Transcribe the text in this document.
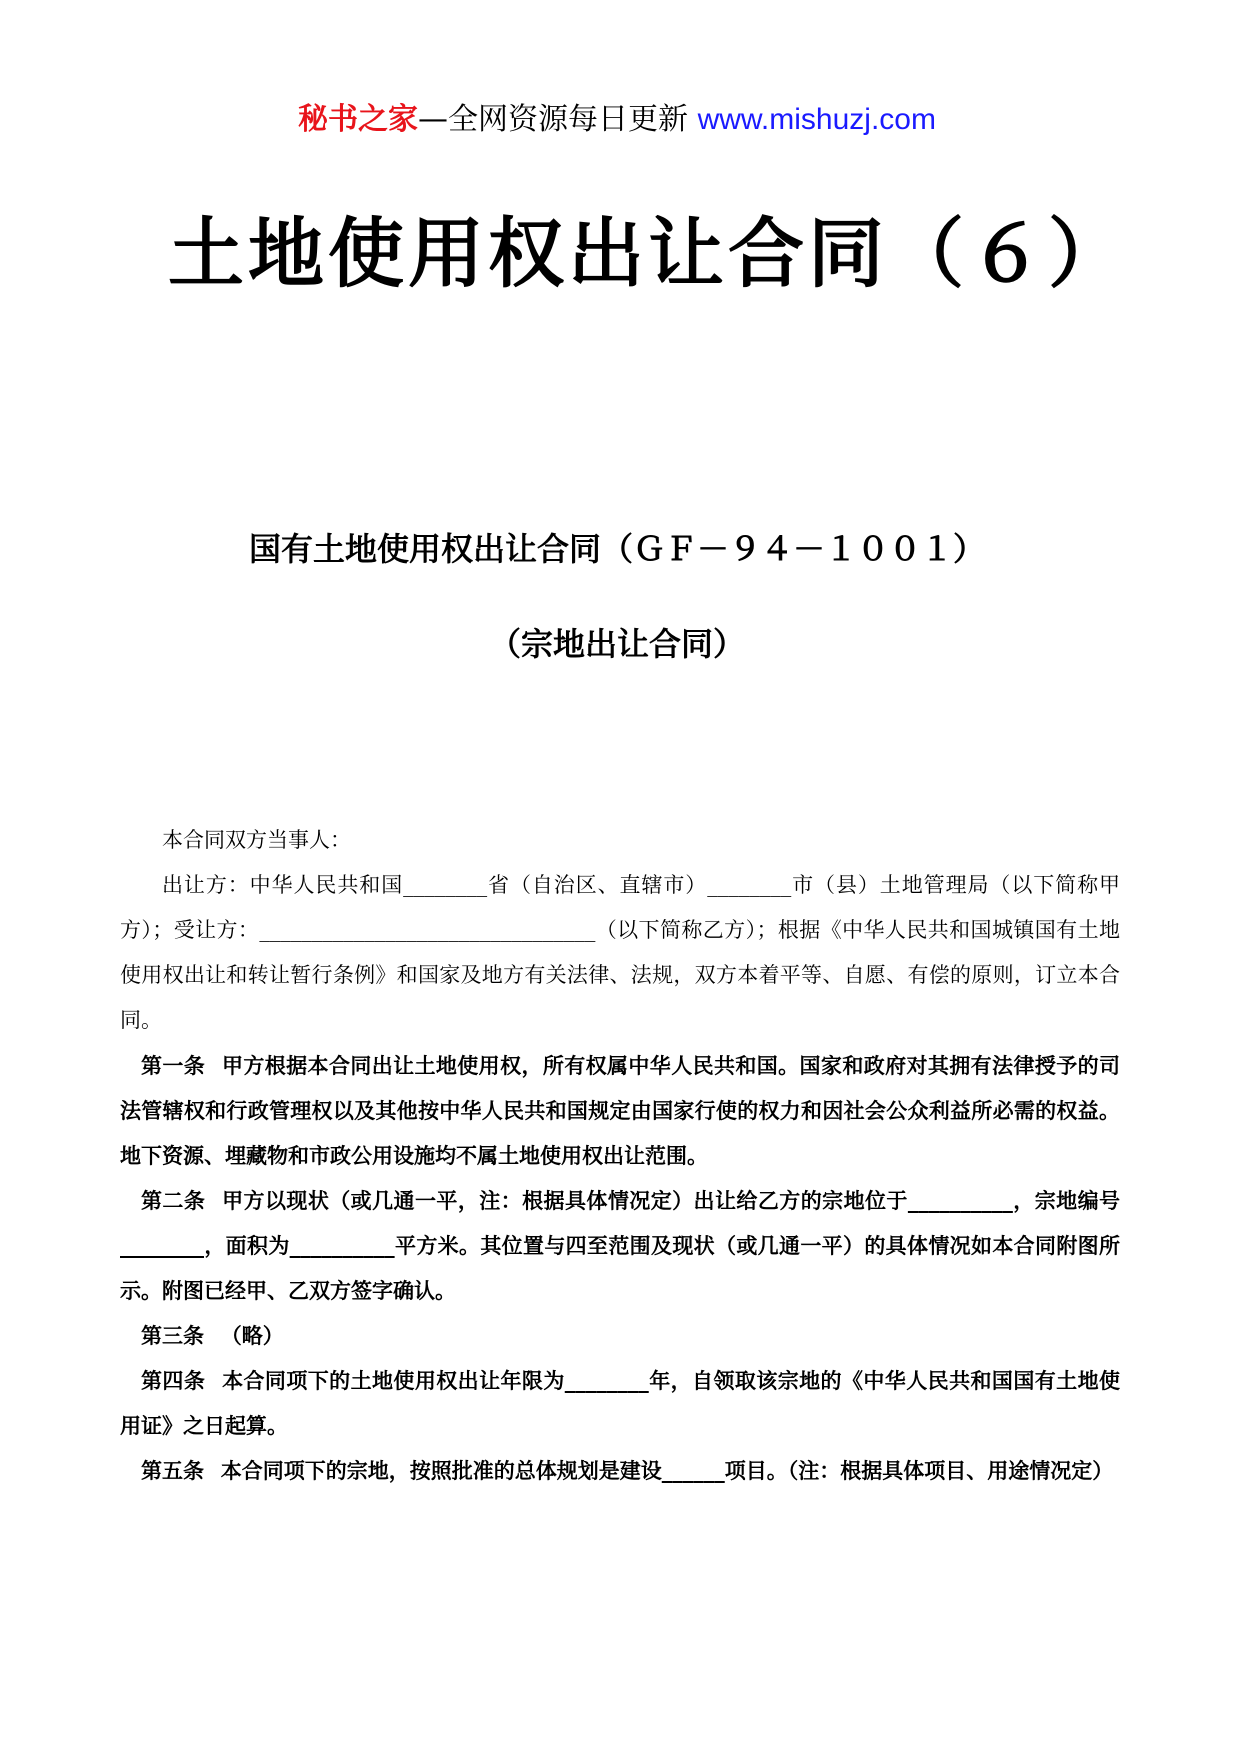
秘书之家—全网资源每日更新 www.mishuzj.com
土地使用权出让合同（６）
国有土地使用权出让合同（ＧＦ－９４－１００１）
（宗地出让合同）

本合同双方当事人：

出让方：中华人民共和国________省（自治区、直辖市）________市（县）土地管理局（以下简称甲方）；受让方：________________________________（以下简称乙方）；根据《中华人民共和国城镇国有土地使用权出让和转让暂行条例》和国家及地方有关法律、法规，双方本着平等、自愿、有偿的原则，订立本合同。

第一条 甲方根据本合同出让土地使用权，所有权属中华人民共和国。国家和政府对其拥有法律授予的司法管辖权和行政管理权以及其他按中华人民共和国规定由国家行使的权力和因社会公众利益所必需的权益。地下资源、埋藏物和市政公用设施均不属土地使用权出让范围。

第二条 甲方以现状（或几通一平，注：根据具体情况定）出让给乙方的宗地位于__________，宗地编号________，面积为__________平方米。其位置与四至范围及现状（或几通一平）的具体情况如本合同附图所示。附图已经甲、乙双方签字确认。

第三条 （略）

第四条 本合同项下的土地使用权出让年限为________年，自领取该宗地的《中华人民共和国国有土地使用证》之日起算。

第五条 本合同项下的宗地，按照批准的总体规划是建设______项目。（注：根据具体项目、用途情况定）
